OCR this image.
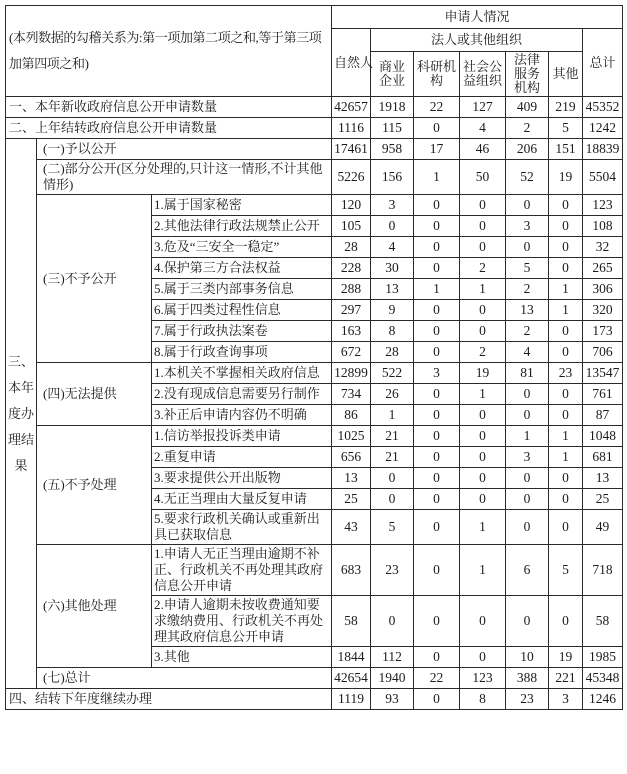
(本列数据的勾稽关系为:第一项加第二项之和,等于第三项加第四项之和)			申请人情况						
			自然人	法人或其他组织					总计
				商业企业	科研机构	社会公益组织	法律服务机构	其他	
一、本年新收政府信息公开申请数量			42657	1918	22	127	409	219	45352
二、上年结转政府信息公开申请数量			1116	115	0	4	2	5	1242
三、本年度办理结果	(一)予以公开		17461	958	17	46	206	151	18839
	(二)部分公开(区分处理的,只计这一情形,不计其他情形)		5226	156	1	50	52	19	5504
	(三)不予公开	1.属于国家秘密	120	3	0	0	0	0	123
		2.其他法律行政法规禁止公开	105	0	0	0	3	0	108
		3.危及“三安全一稳定”	28	4	0	0	0	0	32
		4.保护第三方合法权益	228	30	0	2	5	0	265
		5.属于三类内部事务信息	288	13	1	1	2	1	306
		6.属于四类过程性信息	297	9	0	0	13	1	320
		7.属于行政执法案卷	163	8	0	0	2	0	173
		8.属于行政查询事项	672	28	0	2	4	0	706
	(四)无法提供	1.本机关不掌握相关政府信息	12899	522	3	19	81	23	13547
		2.没有现成信息需要另行制作	734	26	0	1	0	0	761
		3.补正后申请内容仍不明确	86	1	0	0	0	0	87
	(五)不予处理	1.信访举报投诉类申请	1025	21	0	0	1	1	1048
		2.重复申请	656	21	0	0	3	1	681
		3.要求提供公开出版物	13	0	0	0	0	0	13
		4.无正当理由大量反复申请	25	0	0	0	0	0	25
		5.要求行政机关确认或重新出具已获取信息	43	5	0	1	0	0	49
	(六)其他处理	1.申请人无正当理由逾期不补正、行政机关不再处理其政府信息公开申请	683	23	0	1	6	5	718
		2.申请人逾期未按收费通知要求缴纳费用、行政机关不再处理其政府信息公开申请	58	0	0	0	0	0	58
		3.其他	1844	112	0	0	10	19	1985
	(七)总计		42654	1940	22	123	388	221	45348
四、结转下年度继续办理			1119	93	0	8	23	3	1246
